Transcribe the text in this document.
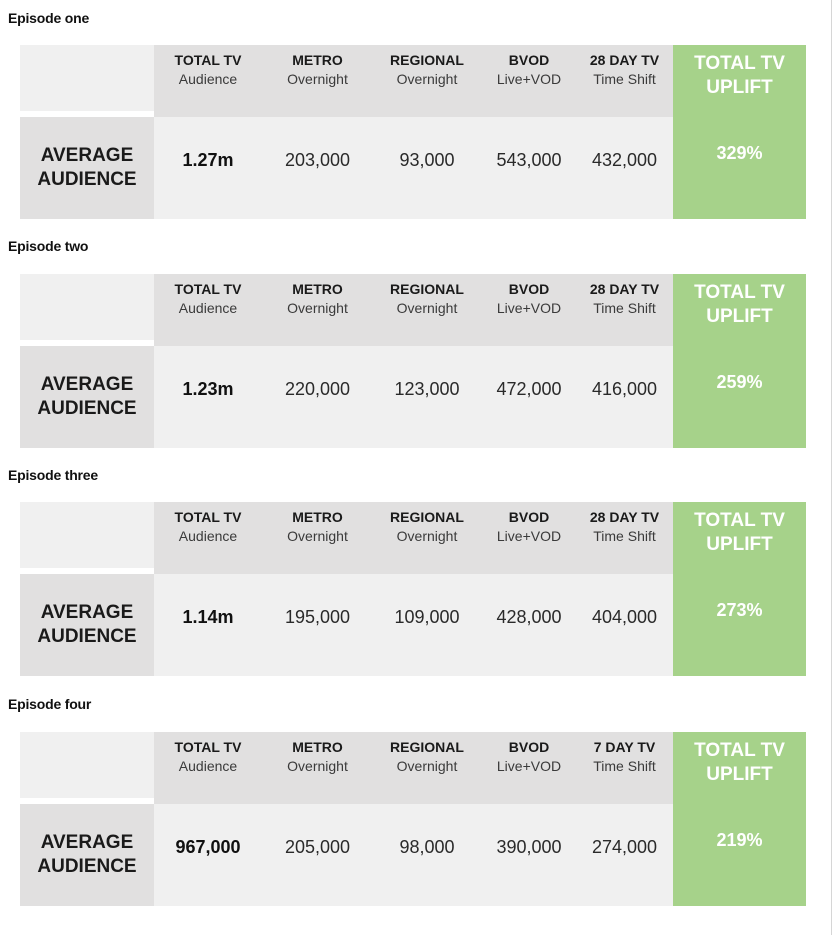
Episode one
AVERAGE
AUDIENCE
TOTAL TV
Audience
1.27m
METRO
Overnight
203,000
REGIONAL
Overnight
93,000
BVOD
Live+VOD
543,000
28 DAY TV
Time Shift
432,000
TOTAL TV
UPLIFT
329%
Episode two
AVERAGE
AUDIENCE
TOTAL TV
Audience
1.23m
METRO
Overnight
220,000
REGIONAL
Overnight
123,000
BVOD
Live+VOD
472,000
28 DAY TV
Time Shift
416,000
TOTAL TV
UPLIFT
259%
Episode three
AVERAGE
AUDIENCE
TOTAL TV
Audience
1.14m
METRO
Overnight
195,000
REGIONAL
Overnight
109,000
BVOD
Live+VOD
428,000
28 DAY TV
Time Shift
404,000
TOTAL TV
UPLIFT
273%
Episode four
AVERAGE
AUDIENCE
TOTAL TV
Audience
967,000
METRO
Overnight
205,000
REGIONAL
Overnight
98,000
BVOD
Live+VOD
390,000
7 DAY TV
Time Shift
274,000
TOTAL TV
UPLIFT
219%
